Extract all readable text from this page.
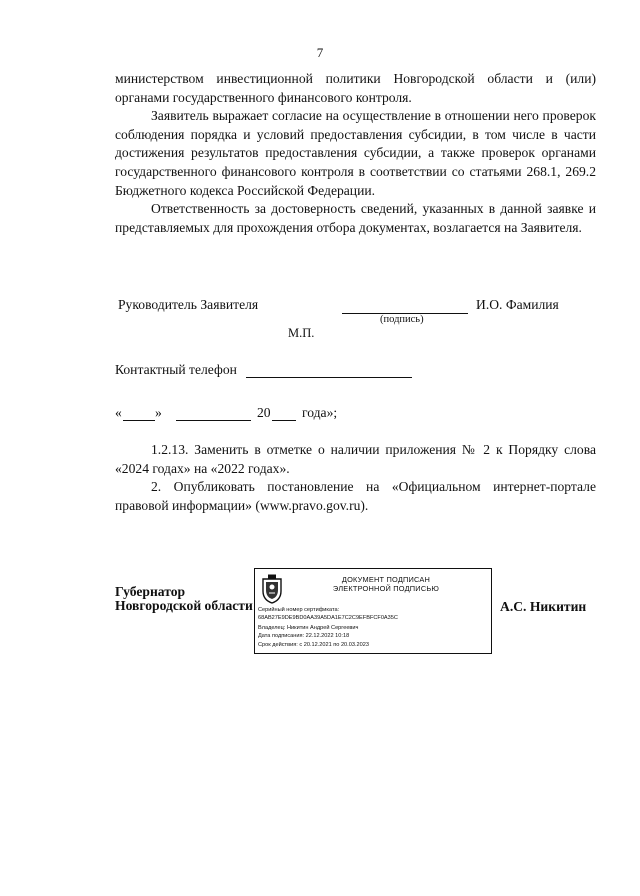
7

министерством инвестиционной политики Новгородской области и (или) органами государственного финансового контроля.

Заявитель выражает согласие на осуществление в отношении него проверок соблюдения порядка и условий предоставления субсидии, в том числе в части достижения результатов предоставления субсидии, а также проверок органами государственного финансового контроля в соответствии со статьями 268.1, 269.2 Бюджетного кодекса Российской Федерации.

Ответственность за достоверность сведений, указанных в данной заявке и представляемых для прохождения отбора документах, возлагается на Заявителя.

Руководитель Заявителя	И.О. Фамилия
(подпись)
М.П.
Контактный телефон
« »	20 года»;

1.2.13. Заменить в отметке о наличии приложения № 2 к Порядку слова «2024 годах» на «2022 годах».

2. Опубликовать постановление на «Официальном интернет-портале правовой информации» (www.pravo.gov.ru).

Губернатор
Новгородской области
ДОКУМЕНТ ПОДПИСАН
ЭЛЕКТРОННОЙ ПОДПИСЬЮ
Серийный номер сертификата:
68AB27E9DE9BD0AA39A5DA1E7C2C9EFBFCF0A35C
Владелец: Никитин Андрей Сергеевич
Дата подписания: 22.12.2022 10:18
Срок действия: с 20.12.2021 по 20.03.2023
А.С. Никитин
